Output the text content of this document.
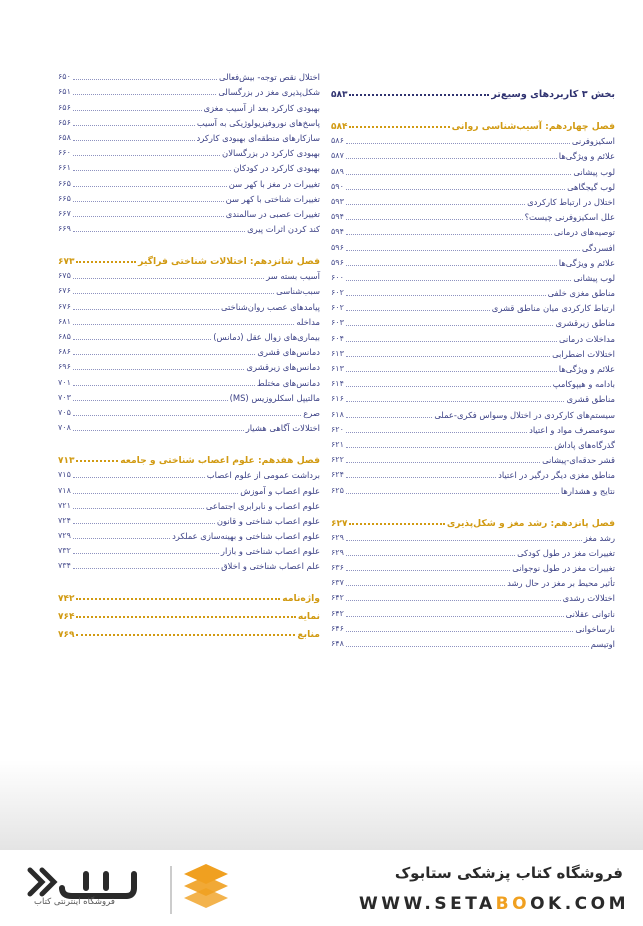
بخش ۳ کاربردهای وسیع‌تر
۵۸۳
فصل چهاردهم: آسیب‌شناسی روانی
۵۸۴
اسکیزوفرنی
۵۸۶
علائم و ویژگی‌ها
۵۸۷
لوب پیشانی
۵۸۹
لوب گیجگاهی
۵۹۰
اختلال در ارتباط کارکردی
۵۹۳
علل اسکیزوفرنی چیست؟
۵۹۴
توصیه‌های درمانی
۵۹۴
افسردگی
۵۹۶
علائم و ویژگی‌ها
۵۹۶
لوب پیشانی
۶۰۰
مناطق مغزی خلفی
۶۰۲
ارتباط کارکردی میان مناطق قشری
۶۰۲
مناطق زیرقشری
۶۰۳
مداخلات درمانی
۶۰۴
اختلالات اضطرابی
۶۱۳
علائم و ویژگی‌ها
۶۱۳
بادامه و هیپوکامپ
۶۱۴
مناطق قشری
۶۱۶
سیستم‌های کارکردی در اختلال وسواس فکری-عملی
۶۱۸
سوءمصرف مواد و اعتیاد
۶۲۰
گذرگاه‌های پاداش
۶۲۱
قشر حدقه‌ای-پیشانی
۶۲۲
مناطق مغزی دیگر درگیر در اعتیاد
۶۲۴
نتایج و هشدارها
۶۲۵
فصل پانزدهم: رشد مغز و شکل‌پذیری
۶۲۷
رشد مغز
۶۲۹
تغییرات مغز در طول کودکی
۶۲۹
تغییرات مغز در طول نوجوانی
۶۳۶
تأثیر محیط بر مغز در حال رشد
۶۳۷
اختلالات رشدی
۶۴۲
ناتوانی عقلانی
۶۴۲
نارساخوانی
۶۴۶
اوتیسم
۶۴۸
اختلال نقص توجه- بیش‌فعالی
۶۵۰
شکل‌پذیری مغز در بزرگسالی
۶۵۱
بهبودی کارکرد بعد از آسیب مغزی
۶۵۶
پاسخ‌های نوروفیزیولوژیکی به آسیب
۶۵۶
سازکارهای منطقه‌ای بهبودی کارکرد
۶۵۸
بهبودی کارکرد در بزرگسالان
۶۶۰
بهبودی کارکرد در کودکان
۶۶۱
تغییرات در مغز با کهر سن
۶۶۵
تغییرات شناختی با کهر سن
۶۶۵
تغییرات عصبی در سالمندی
۶۶۷
کند کردن اثرات پیری
۶۶۹
فصل شانزدهم: اختلالات شناختی فراگیر
۶۷۳
آسیب بسته سر
۶۷۵
سبب‌شناسی
۶۷۶
پیامدهای عصب روان‌شناختی
۶۷۶
مداخله
۶۸۱
بیماری‌های زوال عقل (دمانس)
۶۸۵
دمانس‌های قشری
۶۸۶
دمانس‌های زیرقشری
۶۹۶
دمانس‌های مختلط
۷۰۱
مالتیپل اسکلروزیس (MS)
۷۰۳
صرع
۷۰۵
اختلالات آگاهی هشیار
۷۰۸
فصل هفدهم: علوم اعصاب شناختی و جامعه
۷۱۳
برداشت عمومی از علوم اعصاب
۷۱۵
علوم اعصاب و آموزش
۷۱۸
علوم اعصاب و نابرابری اجتماعی
۷۲۱
علوم اعصاب شناختی و قانون
۷۲۴
علوم اعصاب شناختی و بهینه‌سازی عملکرد
۷۲۹
علوم اعصاب شناختی و بازار
۷۳۲
علم اعصاب شناختی و اخلاق
۷۳۴
واژه‌نامه
۷۴۲
نمایه
۷۶۴
منابع
۷۶۹
فروشگاه اینترنتی کتاب
فروشگاه کتاب پزشکی ستابوک
WWW.SETABOOK.COM
